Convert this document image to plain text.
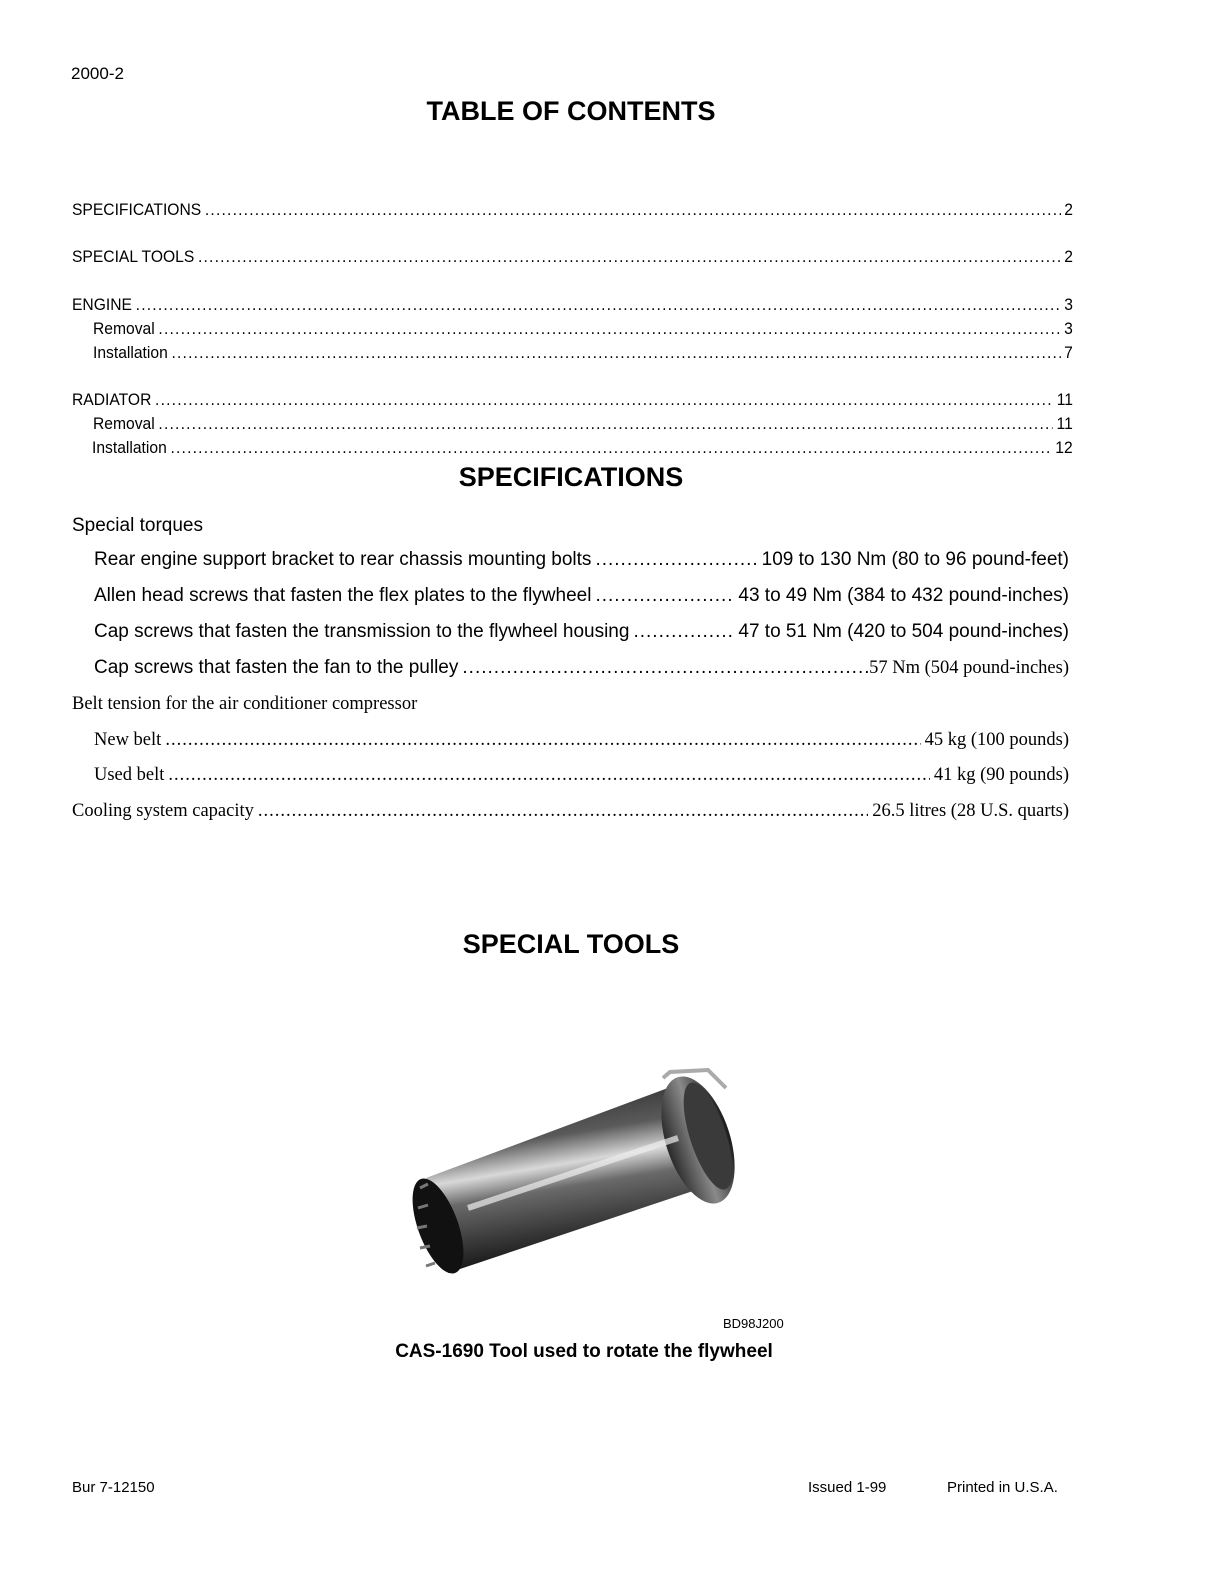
2000-2
TABLE OF CONTENTS
SPECIFICATIONS .....	2
SPECIAL TOOLS .....	2
ENGINE .....	3
Removal .....	3
Installation .....	7
RADIATOR .....	11
Removal .....	11
Installation .....	12
SPECIFICATIONS
Special torques
Rear engine support bracket to rear chassis mounting bolts .....	109 to 130 Nm (80 to 96 pound-feet)
Allen head screws that fasten the flex plates to the flywheel .....	43 to 49 Nm (384 to 432 pound-inches)
Cap screws that fasten the transmission to the flywheel housing .....	47 to 51 Nm (420 to 504 pound-inches)
Cap screws that fasten the fan to the pulley .....	57 Nm (504 pound-inches)
Belt tension for the air conditioner compressor
New belt .....	45 kg (100 pounds)
Used belt .....	41 kg (90 pounds)
Cooling system capacity .....	26.5 litres (28 U.S. quarts)
SPECIAL TOOLS
BD98J200
CAS-1690 Tool used to rotate the flywheel
Bur 7-12150	Issued 1-99	Printed in U.S.A.
